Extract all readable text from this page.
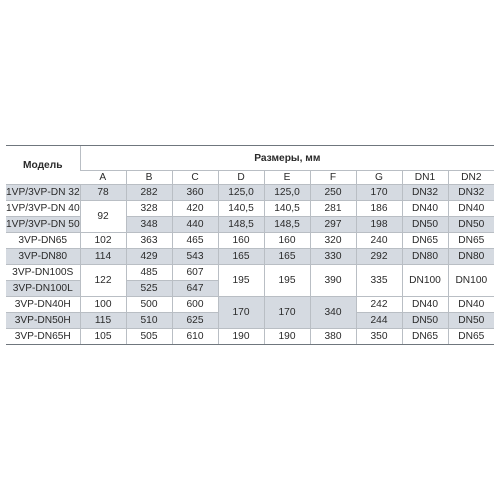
Модель	Размеры, мм								
	A	B	C	D	E	F	G	DN1	DN2
1VP/3VP-DN 32	78	282	360	125,0	125,0	250	170	DN32	DN32
1VP/3VP-DN 40	92	328	420	140,5	140,5	281	186	DN40	DN40
1VP/3VP-DN 50		348	440	148,5	148,5	297	198	DN50	DN50
3VP-DN65	102	363	465	160	160	320	240	DN65	DN65
3VP-DN80	114	429	543	165	165	330	292	DN80	DN80
3VP-DN100S	122	485	607	195	195	390	335	DN100	DN100
3VP-DN100L		525	647						
3VP-DN40H	100	500	600	170	170	340	242	DN40	DN40
3VP-DN50H	115	510	625				244	DN50	DN50
3VP-DN65H	105	505	610	190	190	380	350	DN65	DN65
